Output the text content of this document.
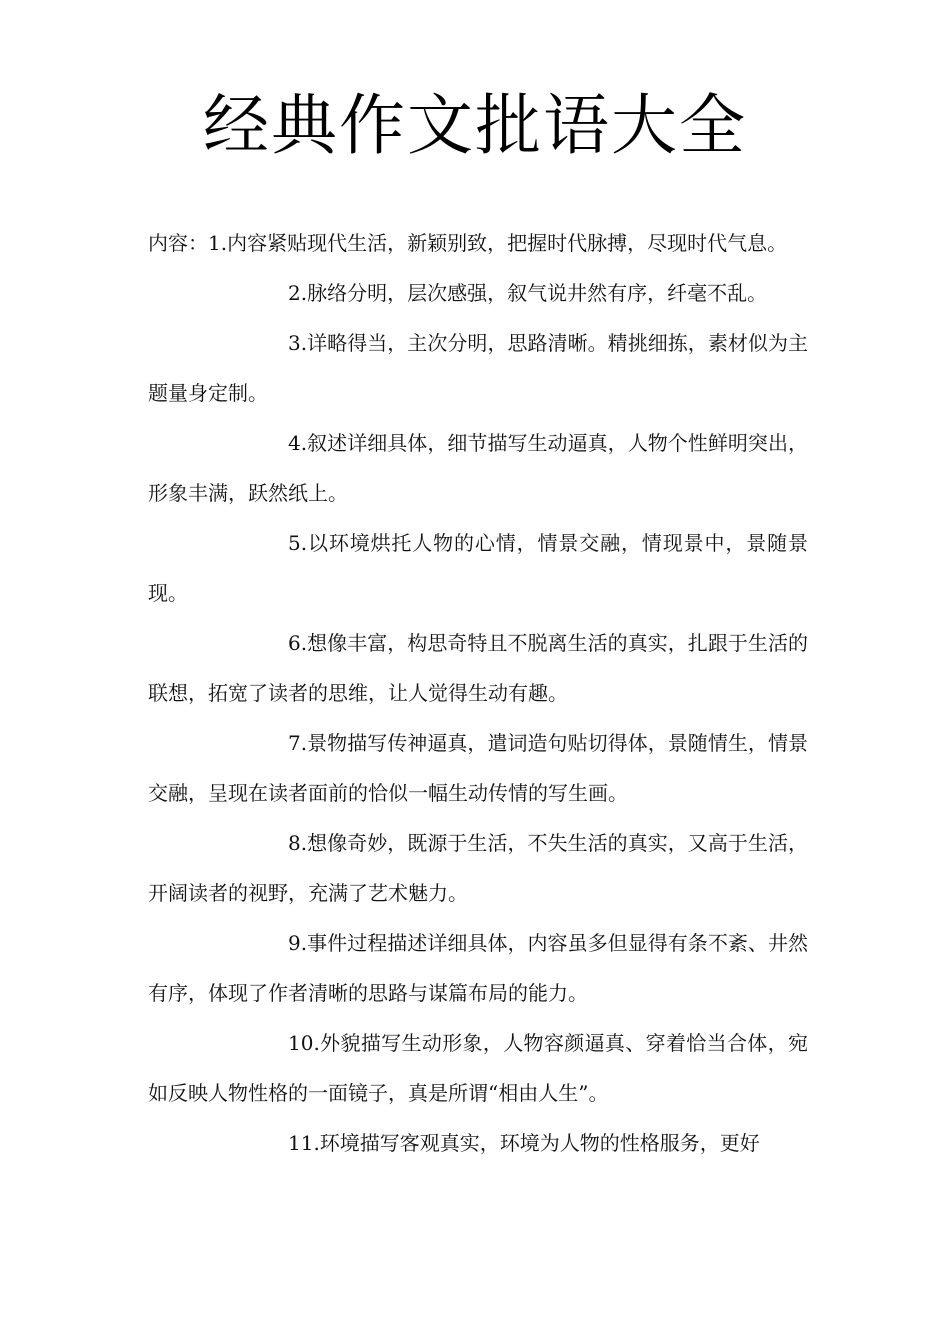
经典作文批语大全

内容：1.内容紧贴现代生活，新颖别致，把握时代脉搏，尽现时代气息。

2.脉络分明，层次感强，叙气说井然有序，纤毫不乱。

3.详略得当，主次分明，思路清晰。精挑细拣，素材似为主题量身定制。

4.叙述详细具体，细节描写生动逼真，人物个性鲜明突出，形象丰满，跃然纸上。

5.以环境烘托人物的心情，情景交融，情现景中，景随景现。

6.想像丰富，构思奇特且不脱离生活的真实，扎跟于生活的联想，拓宽了读者的思维，让人觉得生动有趣。

7.景物描写传神逼真，遣词造句贴切得体，景随情生，情景交融，呈现在读者面前的恰似一幅生动传情的写生画。

8.想像奇妙，既源于生活，不失生活的真实，又高于生活，开阔读者的视野，充满了艺术魅力。

9.事件过程描述详细具体，内容虽多但显得有条不紊、井然有序，体现了作者清晰的思路与谋篇布局的能力。

10.外貌描写生动形象，人物容颜逼真、穿着恰当合体，宛如反映人物性格的一面镜子，真是所谓“相由人生”。

11.环境描写客观真实，环境为人物的性格服务，更好
